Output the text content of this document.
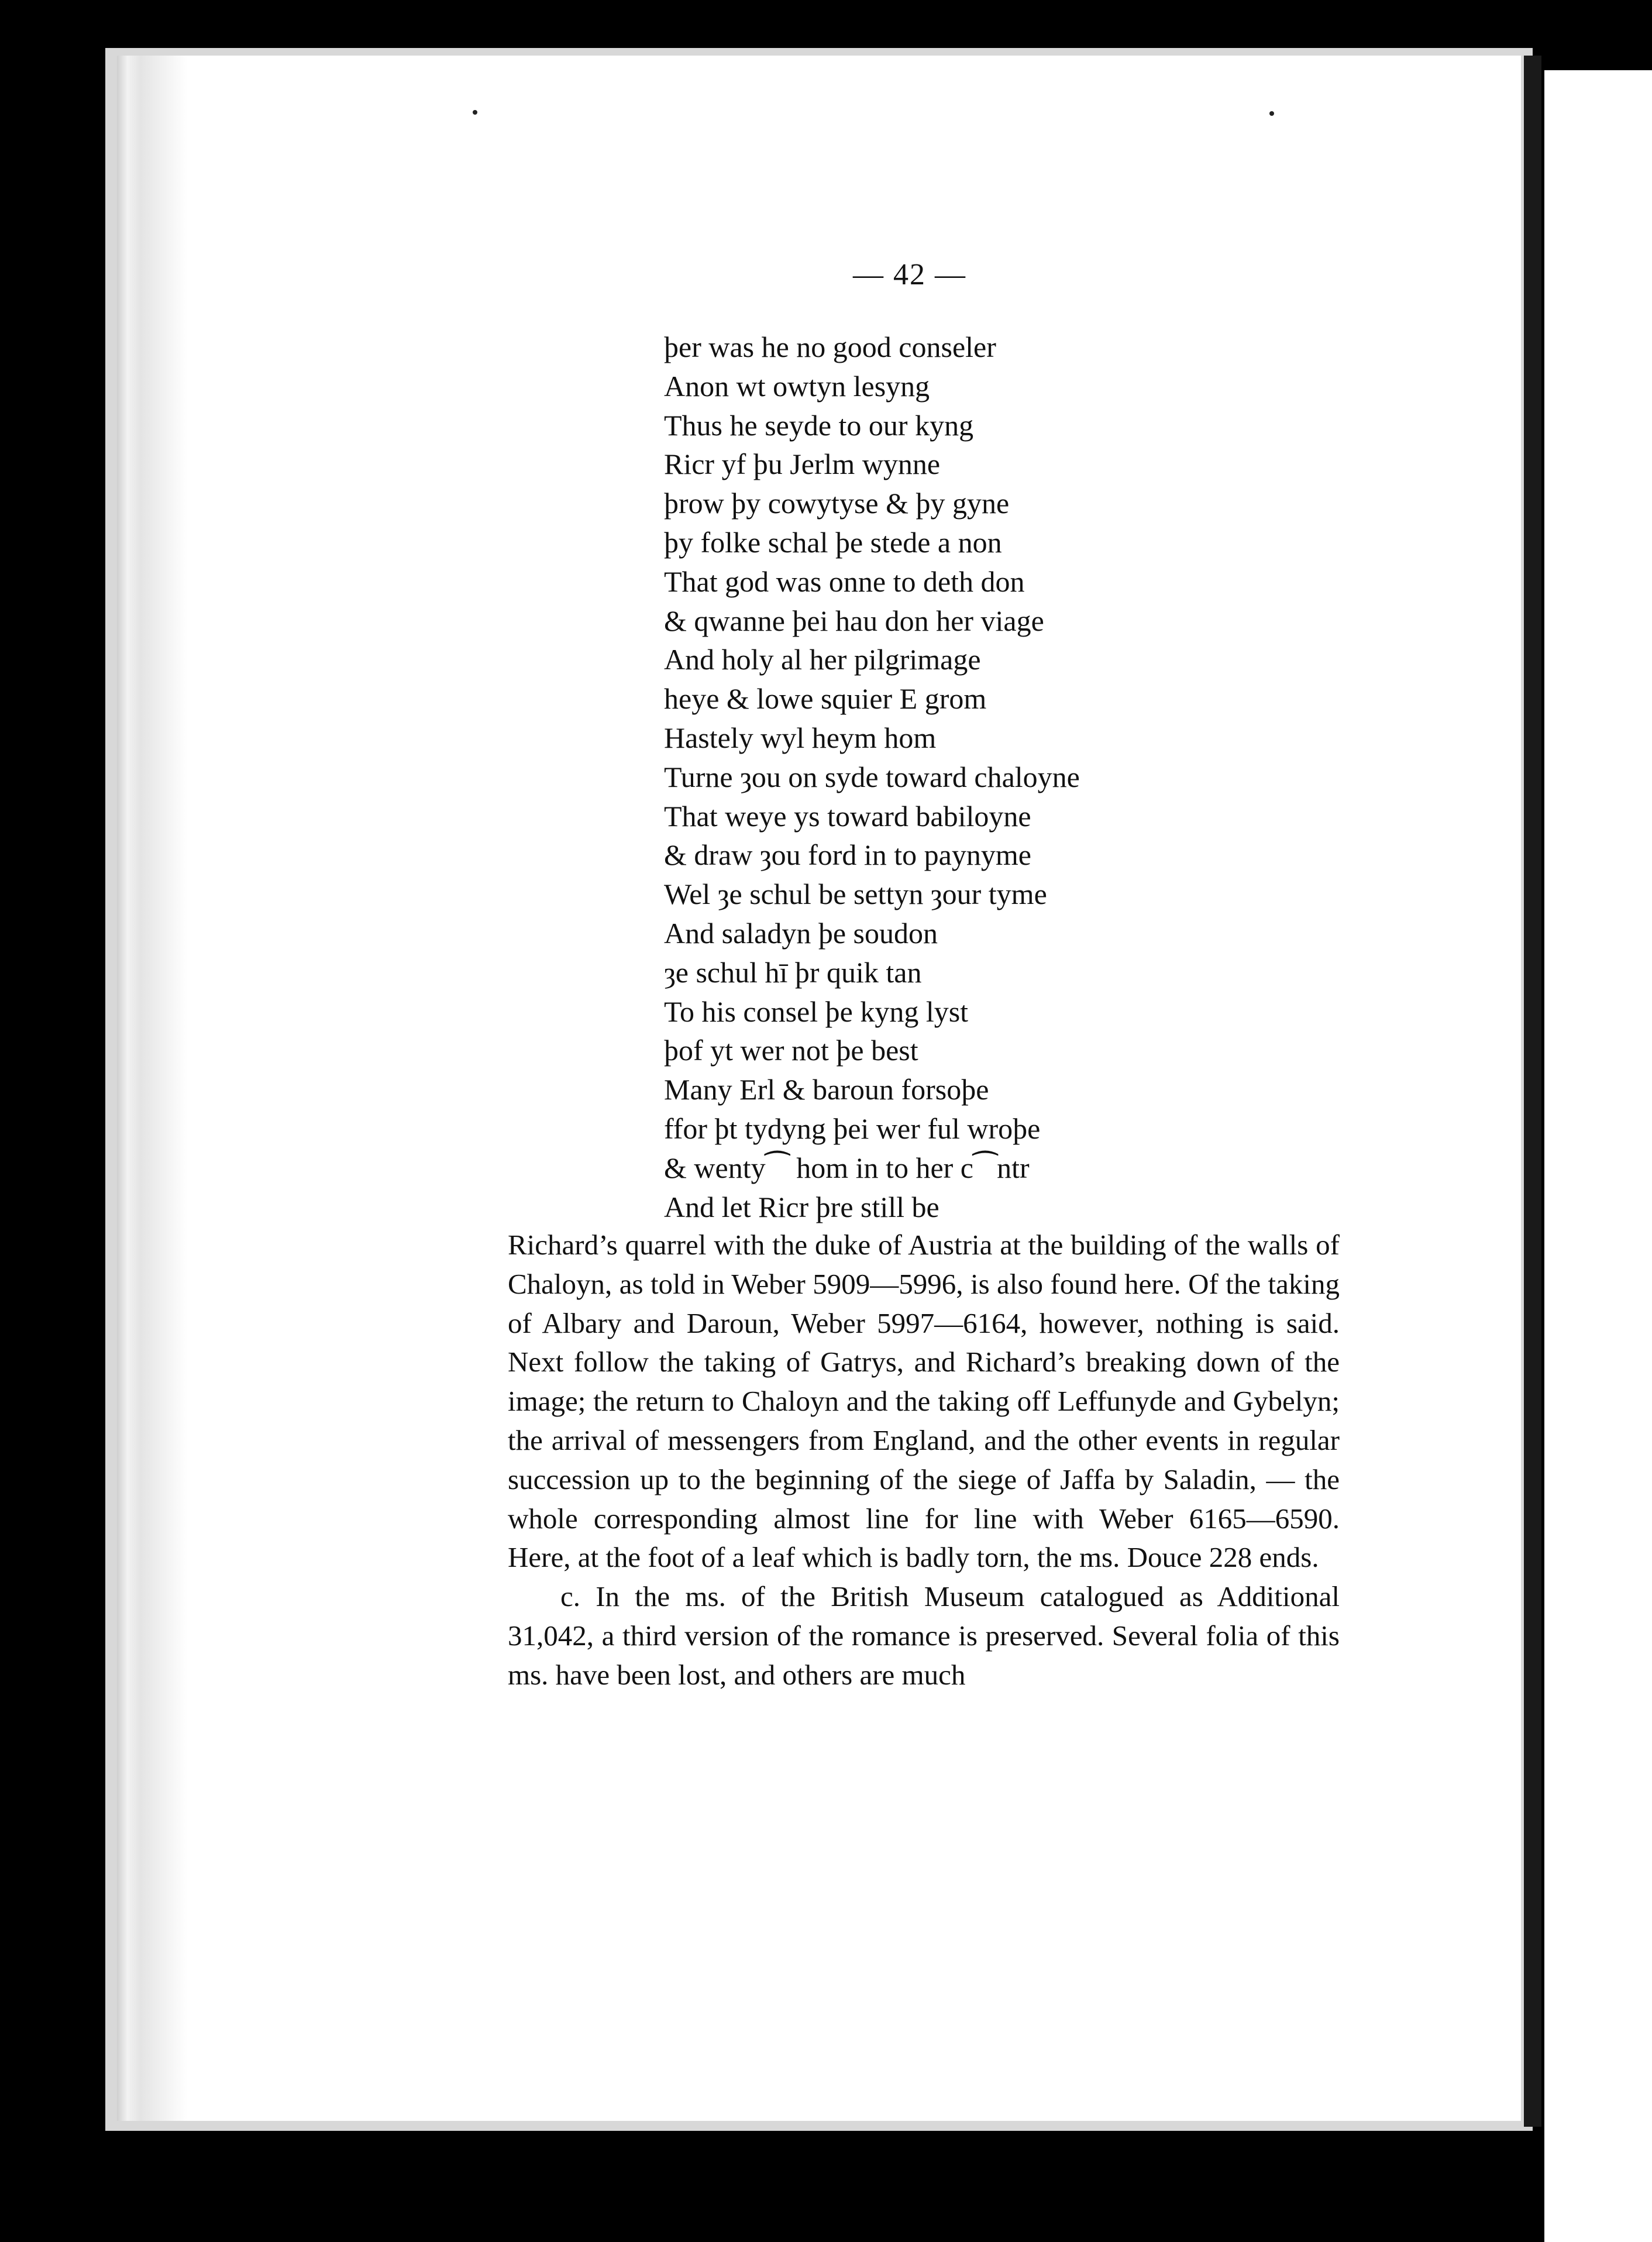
— 42 —
þer was he no good conseler
Anon wt owtyn lesyng
Thus he seyde to our kyng
Ricr yf þu Jerlm wynne
þrow þy cowytyse & þy gyne
þy folke schal þe stede a non
That god was onne to deth don
& qwanne þei hau don her viage
And holy al her pilgrimage
heye & lowe squier E grom
Hastely wyl heym hom
Turne ȝou on syde toward chaloyne
That weye ys toward babiloyne
& draw ȝou ford in to paynyme
Wel ȝe schul be settyn ȝour tyme
And saladyn þe soudon
ȝe schul hī þr quik tan
To his consel þe kyng lyst
þof yt wer not þe best
Many Erl & baroun forsoþe
ffor þt tydyng þei wer ful wroþe
& wenty⁀ hom in to her c⁀ntr
And let Ricr þre still be

Richard’s quarrel with the duke of Austria at the building of the walls of Chaloyn, as told in Weber 5909—5996, is also found here. Of the taking of Albary and Daroun, Weber 5997—6164, however, nothing is said. Next follow the taking of Gatrys, and Richard’s breaking down of the image; the return to Chaloyn and the taking off Leffunyde and Gybelyn; the arrival of messengers from England, and the other events in regular succession up to the beginning of the siege of Jaffa by Saladin, — the whole corresponding almost line for line with Weber 6165—6590. Here, at the foot of a leaf which is badly torn, the ms. Douce 228 ends.

c. In the ms. of the British Museum catalogued as Additional 31,042, a third version of the romance is preserved. Several folia of this ms. have been lost, and others are much
